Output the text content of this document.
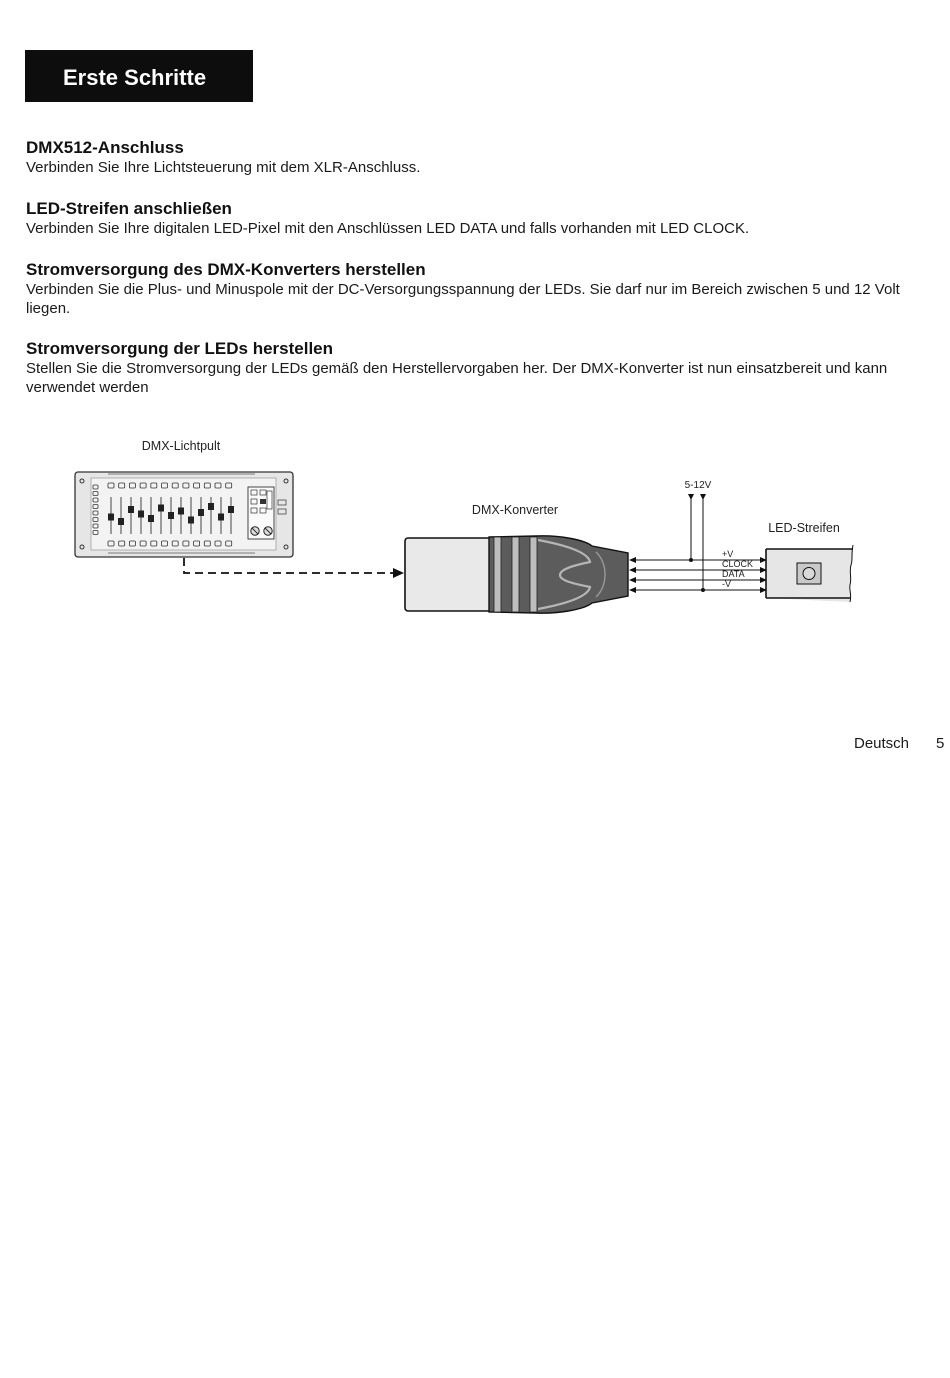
Erste Schritte
DMX512-Anschluss

Verbinden Sie Ihre Lichtsteuerung mit dem XLR-Anschluss.

LED-Streifen anschließen

Verbinden Sie Ihre digitalen LED-Pixel mit den Anschlüssen LED DATA und falls vorhanden mit LED CLOCK.

Stromversorgung des DMX-Konverters herstellen

Verbinden Sie die Plus- und Minuspole mit der DC-Versorgungsspannung der LEDs. Sie darf nur im Bereich zwischen 5 und 12 Volt liegen.

Stromversorgung der LEDs herstellen

Stellen Sie die Stromversorgung der LEDs gemäß den Herstellervorgaben her. Der DMX-Konverter ist nun einsatzbereit und kann verwendet werden

DMX-Lichtpult
DMX-Konverter
5-12V
+V
CLOCK
DATA
-V
LED-Streifen
Deutsch 5
